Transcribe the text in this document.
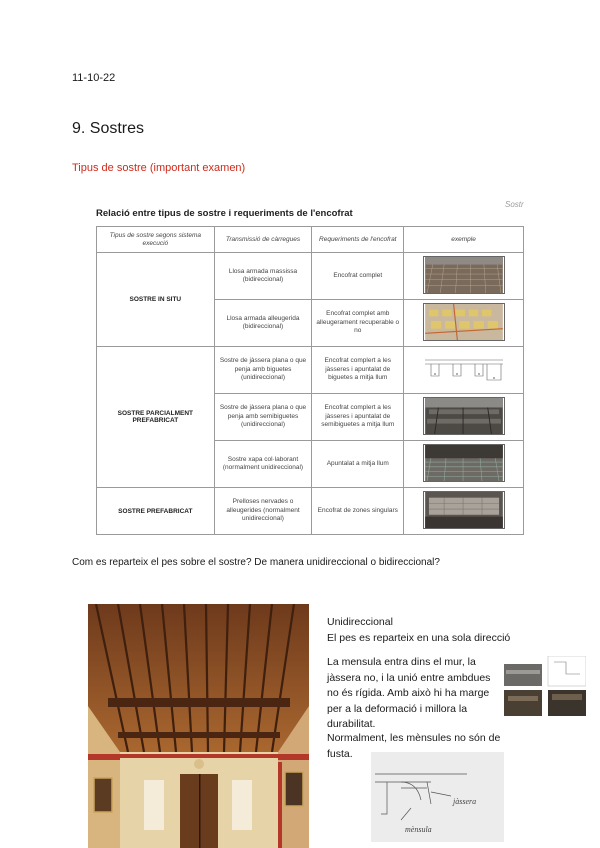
11-10-22
9. Sostres
Tipus de sostre (important examen)
Sostr
Relació entre tipus de sostre i requeriments de l'encofrat
Tipus de sostre segons sistema execució	Transmissió de càrregues	Requeriments de l'encofrat	exemple
SOSTRE IN SITU	Llosa armada massissa (bidireccional)	Encofrat complet	
	Llosa armada alleugerida (bidireccional)	Encofrat complet amb alleugerament recuperable o no	
SOSTRE PARCIALMENT PREFABRICAT	Sostre de jàssera plana o que penja amb biguetes (unidireccional)	Encofrat complert a les jàsseres i apuntalat de biguetes a mitja llum	
	Sostre de jàssera plana o que penja amb semibiguetes (unidireccional)	Encofrat complert a les jàsseres i apuntalat de semibiguetes a mitja llum	
	Sostre xapa col·laborant (normalment unidireccional)	Apuntalat a mitja llum	
SOSTRE PREFABRICAT	Prelloses nervades o alleugerides (normalment unidireccional)	Encofrat de zones singulars	
Com es reparteix el pes sobre el sostre? De manera unidireccional o bidireccional?
Unidireccional
El pes es reparteix en una sola direcció
La mensula entra dins el mur, la jàssera no, i la unió entre ambdues no és rígida. Amb això hi ha marge per a la deformació i millora la durabilitat.
Normalment, les mènsules no són de fusta.
jàssera
mènsula
